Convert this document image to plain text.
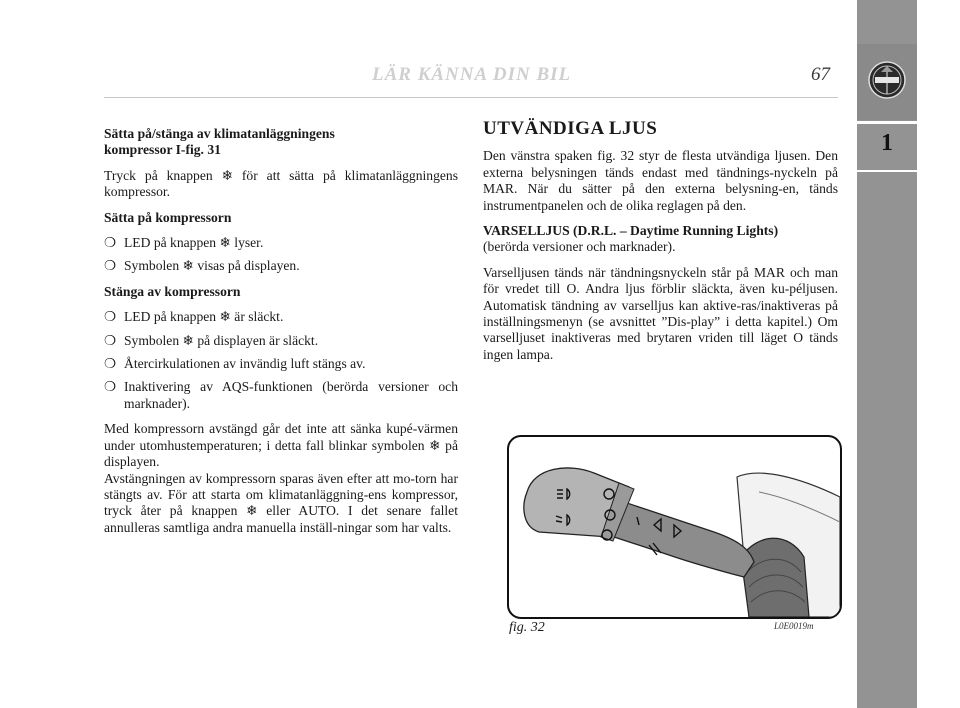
LÄR KÄNNA DIN BIL	67
1
Sätta på/stänga av klimatanläggningens
kompressor I-fig. 31

Tryck på knappen ❄ för att sätta på klimatanläggningens kompressor.

Sätta på kompressorn
❍ LED på knappen ❄ lyser.
❍ Symbolen ❄ visas på displayen.
Stänga av kompressorn
❍ LED på knappen ❄ är släckt.
❍ Symbolen ❄ på displayen är släckt.
❍ Återcirkulationen av invändig luft stängs av.
❍ Inaktivering av AQS-funktionen (berörda versioner och marknader).

Med kompressorn avstängd går det inte att sänka kupé-värmen under utomhustemperaturen; i detta fall blinkar symbolen ❄ på displayen.

Avstängningen av kompressorn sparas även efter att mo-torn har stängts av. För att starta om klimatanläggning-ens kompressor, tryck åter på knappen ❄ eller AUTO. I det senare fallet annulleras samtliga andra manuella inställ-ningar som har valts.

UTVÄNDIGA LJUS

Den vänstra spaken fig. 32 styr de flesta utvändiga ljusen. Den externa belysningen tänds endast med tändnings-nyckeln på MAR. När du sätter på den externa belysning-en, tänds instrumentpanelen och de olika reglagen på den.

VARSELLJUS (D.R.L. – Daytime Running Lights)
(berörda versioner och marknader).

Varselljusen tänds när tändningsnyckeln står på MAR och man för vredet till O. Andra ljus förblir släckta, även ku-péljusen. Automatisk tändning av varselljus kan aktive-ras/inaktiveras på inställningsmenyn (se avsnittet ”Dis-play” i detta kapitel.) Om varselljuset inaktiveras med brytaren vriden till läget O tänds ingen lampa.

fig. 32	L0E0019m
